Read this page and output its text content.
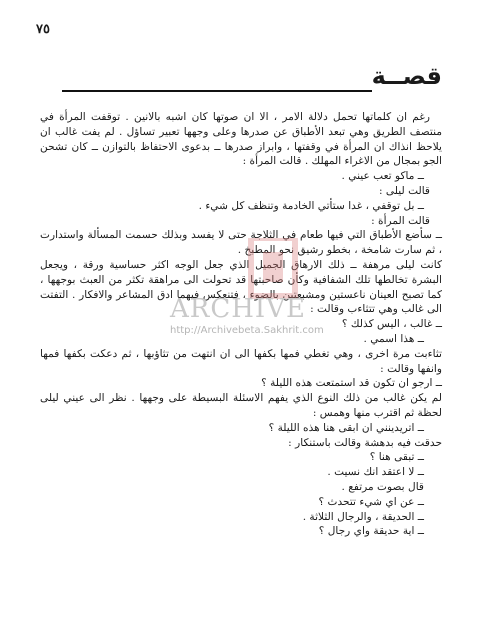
٧٥
قصــة

رغم ان كلماتها تحمل دلالة الامر ، الا ان صوتها كان اشبه بالانين . توقفت المرأة في منتصف الطريق وهي تبعد الأطباق عن صدرها وعلى وجهها تعبير تساؤل . لم يفت غالب ان يلاحظ انذاك ان المرأة في وقفتها ، وابراز صدرها ــ بدعوى الاحتفاظ بالتوازن ــ كان تشحن الجو بمجال من الاغراء المهلك . قالت المرأة :

ــ ماكو تعب عيني .

قالت ليلى :

ــ بل توقفي ، غدا ستأتي الخادمة وتنظف كل شيء .

قالت المرأة :

ــ سأضع الأطباق التي فيها طعام في الثلاجة حتى لا يفسد وبذلك حسمت المسألة واستدارت ، ثم سارت شامخة ، بخطو رشيق نحو المطبخ .

كانت ليلى مرهفة ــ ذلك الارهاق الجميل الذي جعل الوجه اكثر حساسية ورقة ، ويجعل البشرة تخالطها تلك الشفافية وكأن صاحبتها قد تحولت الى مراهقة تكثر من العبث بوجهها ، كما تصبح العينان ناعستين ومشبعتين بالضوء ، فتنعكس فيهما ادق المشاعر والافكار . التفتت الى غالب وهي تتثاءب وقالت :

ــ غالب ، اليس كذلك ؟

ــ هذا اسمي .

تثاءبت مرة اخرى ، وهي تغطي فمها بكفها الى ان انتهت من تثاؤبها ، ثم دعكت بكفها فمها وانفها وقالت :

ــ ارجو ان تكون قد استمتعت هذه الليلة ؟

لم يكن غالب من ذلك النوع الذي يفهم الاسئلة البسيطة على وجهها . نظر الى عيني ليلى لحظة ثم اقترب منها وهمس :

ــ اتريدينني ان ابقى هنا هذه الليلة ؟

حدقت فيه بدهشة وقالت باستنكار :

ــ تبقى هنا ؟

ــ لا اعتقد انك نسيت .

قال بصوت مرتفع .

ــ عن اي شيء تتحدث ؟

ــ الحديقة ، والرجال الثلاثة .

ــ اية حديقة واي رجال ؟

ARCHIVE
http://Archivebeta.Sakhrit.com
